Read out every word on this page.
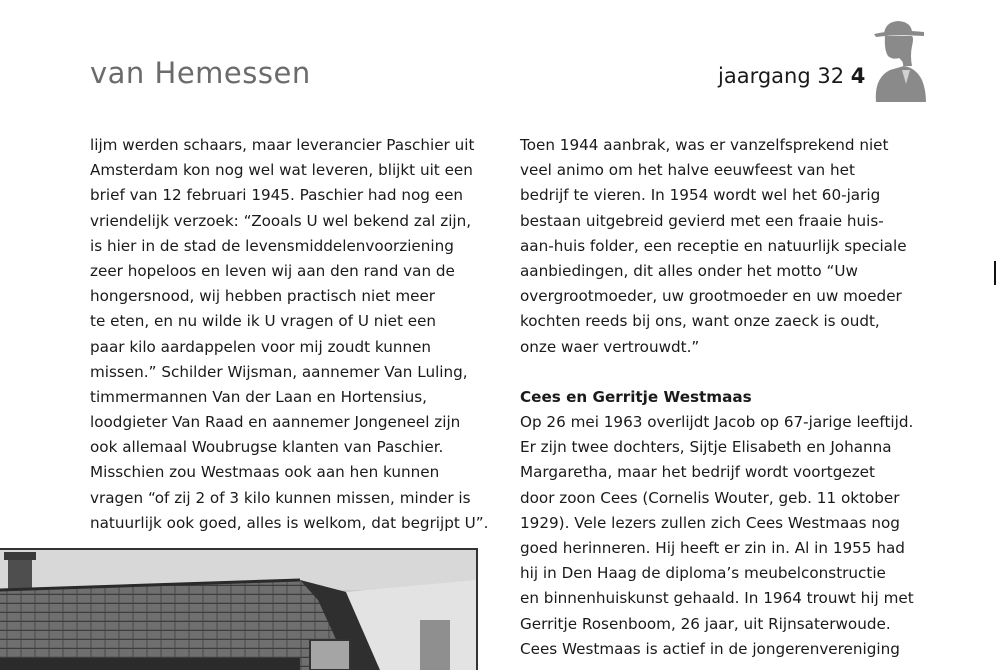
van Hemessen	jaargang 32 4
lijm werden schaars, maar leverancier Paschier uit
Amsterdam kon nog wel wat leveren, blijkt uit een
brief van 12 februari 1945. Paschier had nog een
vriendelijk verzoek: “Zooals U wel bekend zal zijn,
is hier in de stad de levensmiddelenvoorziening
zeer hopeloos en leven wij aan den rand van de
hongersnood, wij hebben practisch niet meer
te eten, en nu wilde ik U vragen of U niet een
paar kilo aardappelen voor mij zoudt kunnen
missen.” Schilder Wijsman, aannemer Van Luling,
timmermannen Van der Laan en Hortensius,
loodgieter Van Raad en aannemer Jongeneel zijn
ook allemaal Woubrugse klanten van Paschier.
Misschien zou Westmaas ook aan hen kunnen
vragen “of zij 2 of 3 kilo kunnen missen, minder is
natuurlijk ook goed, alles is welkom, dat begrijpt U”.
Toen 1944 aanbrak, was er vanzelfsprekend niet
veel animo om het halve eeuwfeest van het
bedrijf te vieren. In 1954 wordt wel het 60-jarig
bestaan uitgebreid gevierd met een fraaie huis-
aan-huis folder, een receptie en natuurlijk speciale
aanbiedingen, dit alles onder het motto “Uw
overgrootmoeder, uw grootmoeder en uw moeder
kochten reeds bij ons, want onze zaeck is oudt,
onze waer vertrouwdt.”
Cees en Gerritje Westmaas
Op 26 mei 1963 overlijdt Jacob op 67-jarige leeftijd.
Er zijn twee dochters, Sijtje Elisabeth en Johanna
Margaretha, maar het bedrijf wordt voortgezet
door zoon Cees (Cornelis Wouter, geb. 11 oktober
1929). Vele lezers zullen zich Cees Westmaas nog
goed herinneren. Hij heeft er zin in. Al in 1955 had
hij in Den Haag de diploma’s meubelconstructie
en binnenhuiskunst gehaald. In 1964 trouwt hij met
Gerritje Rosenboom, 26 jaar, uit Rijnsaterwoude.
Cees Westmaas is actief in de jongerenvereniging
